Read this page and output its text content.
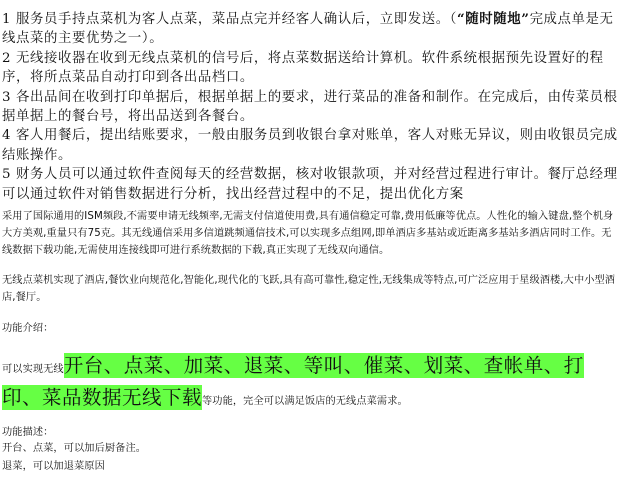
1 服务员手持点菜机为客人点菜，菜品点完并经客人确认后，立即发送。（“随时随地”完成点单是无线点菜的主要优势之一）。

2 无线接收器在收到无线点菜机的信号后，将点菜数据送给计算机。软件系统根据预先设置好的程序，将所点菜品自动打印到各出品档口。

3 各出品间在收到打印单据后，根据单据上的要求，进行菜品的准备和制作。在完成后，由传菜员根据单据上的餐台号，将出品送到各餐台。

4 客人用餐后，提出结账要求，一般由服务员到收银台拿对账单，客人对账无异议，则由收银员完成结账操作。

5 财务人员可以通过软件查阅每天的经营数据，核对收银款项，并对经营过程进行审计。餐厅总经理可以通过软件对销售数据进行分析，找出经营过程中的不足，提出优化方案

采用了国际通用的ISM频段,不需要申请无线频率,无需支付信道使用费,具有通信稳定可靠,费用低廉等优点。人性化的输入键盘,整个机身大方美观,重量只有75克。其无线通信采用多信道跳频通信技术,可以实现多点组网,即单酒店多基站或近距离多基站多酒店同时工作。无线数据下载功能,无需使用连接线即可进行系统数据的下载,真正实现了无线双向通信。

无线点菜机实现了酒店,餐饮业向规范化,智能化,现代化的飞跃,具有高可靠性,稳定性,无线集成等特点,可广泛应用于星级酒楼,大中小型酒店,餐厅。

功能介绍：

可以实现无线开台、点菜、加菜、退菜、等叫、催菜、划菜、查帐单、打印、菜品数据无线下载等功能，完全可以满足饭店的无线点菜需求。

功能描述：

开台、点菜，可以加后厨备注。

退菜，可以加退菜原因
